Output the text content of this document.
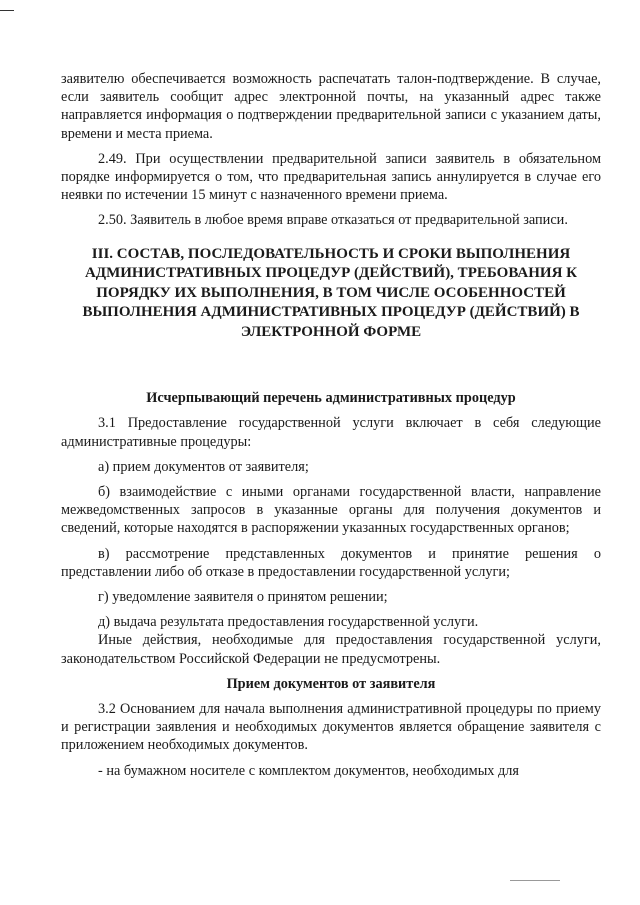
заявителю обеспечивается возможность распечатать талон-подтверждение. В случае, если заявитель сообщит адрес электронной почты, на указанный адрес также направляется информация о подтверждении предварительной записи с указанием даты, времени и места приема.

2.49. При осуществлении предварительной записи заявитель в обязательном порядке информируется о том, что предварительная запись аннулируется в случае его неявки по истечении 15 минут с назначенного времени приема.

2.50. Заявитель в любое время вправе отказаться от предварительной записи.

III. СОСТАВ, ПОСЛЕДОВАТЕЛЬНОСТЬ И СРОКИ ВЫПОЛНЕНИЯ АДМИНИСТРАТИВНЫХ ПРОЦЕДУР (ДЕЙСТВИЙ), ТРЕБОВАНИЯ К ПОРЯДКУ ИХ ВЫПОЛНЕНИЯ, В ТОМ ЧИСЛЕ ОСОБЕННОСТЕЙ ВЫПОЛНЕНИЯ АДМИНИСТРАТИВНЫХ ПРОЦЕДУР (ДЕЙСТВИЙ) В ЭЛЕКТРОННОЙ ФОРМЕ
Исчерпывающий перечень административных процедур

3.1 Предоставление государственной услуги включает в себя следующие административные процедуры:

а) прием документов от заявителя;

б) взаимодействие с иными органами государственной власти, направление межведомственных запросов в указанные органы для получения документов и сведений, которые находятся в распоряжении указанных государственных органов;

в) рассмотрение представленных документов и принятие решения о представлении либо об отказе в предоставлении государственной услуги;

г) уведомление заявителя о принятом решении;

д) выдача результата предоставления государственной услуги.

Иные действия, необходимые для предоставления государственной услуги, законодательством Российской Федерации не предусмотрены.

Прием документов от заявителя

3.2 Основанием для начала выполнения административной процедуры по приему и регистрации заявления и необходимых документов является обращение заявителя с приложением необходимых документов.

- на бумажном носителе с комплектом документов, необходимых для
